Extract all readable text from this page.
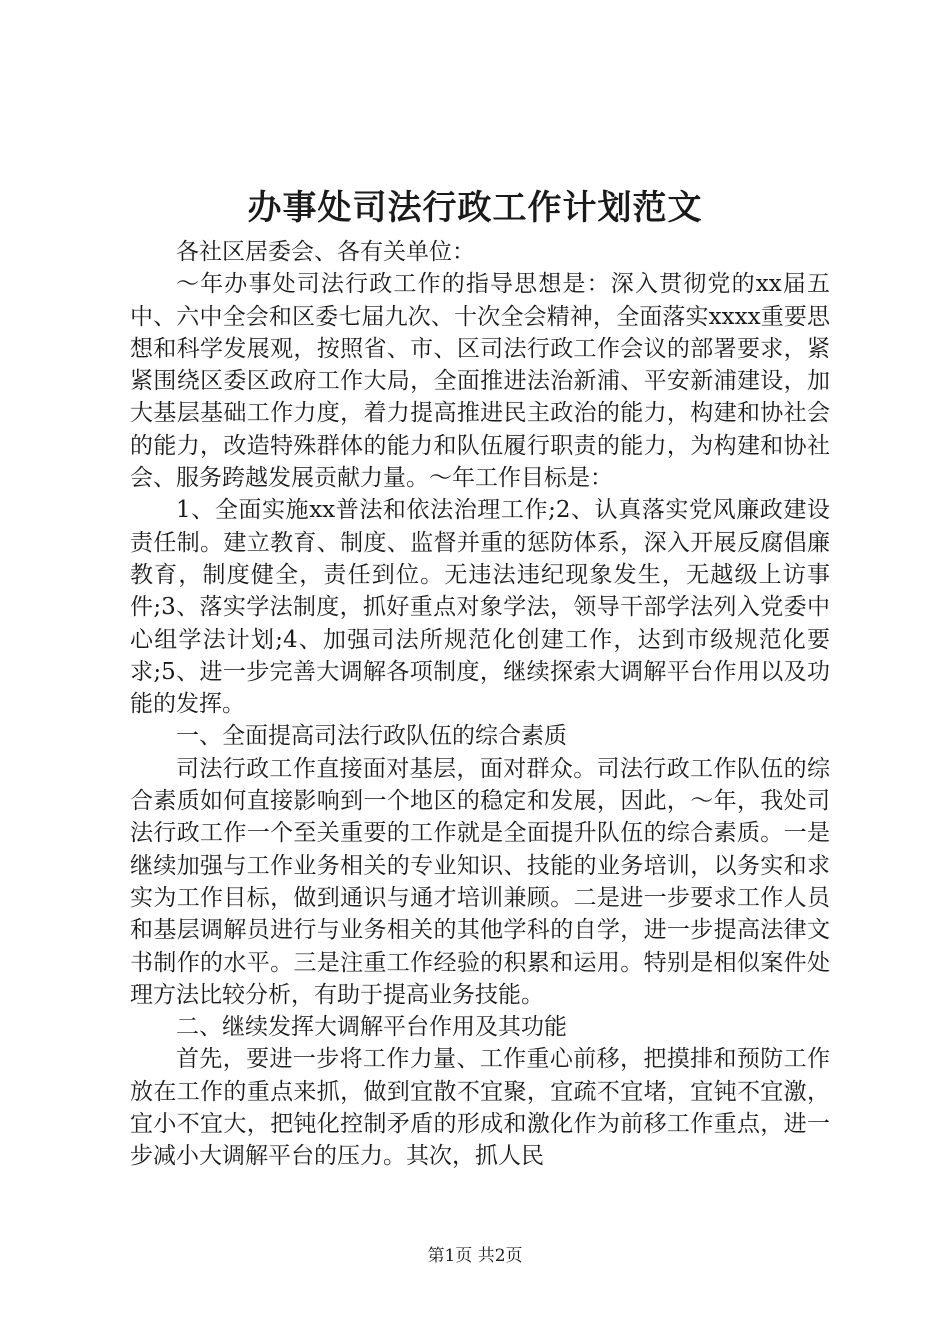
办事处司法行政工作计划范文

各社区居委会、各有关单位：

～年办事处司法行政工作的指导思想是：深入贯彻党的xx届五中、六中全会和区委七届九次、十次全会精神，全面落实xxxx重要思想和科学发展观，按照省、市、区司法行政工作会议的部署要求，紧紧围绕区委区政府工作大局，全面推进法治新浦、平安新浦建设，加大基层基础工作力度，着力提高推进民主政治的能力，构建和协社会的能力，改造特殊群体的能力和队伍履行职责的能力，为构建和协社会、服务跨越发展贡献力量。～年工作目标是：

1、全面实施xx普法和依法治理工作;2、认真落实党风廉政建设责任制。建立教育、制度、监督并重的惩防体系，深入开展反腐倡廉教育，制度健全，责任到位。无违法违纪现象发生，无越级上访事件;3、落实学法制度，抓好重点对象学法，领导干部学法列入党委中心组学法计划;4、加强司法所规范化创建工作，达到市级规范化要求;5、进一步完善大调解各项制度，继续探索大调解平台作用以及功能的发挥。

一、全面提高司法行政队伍的综合素质

司法行政工作直接面对基层，面对群众。司法行政工作队伍的综合素质如何直接影响到一个地区的稳定和发展，因此，～年，我处司法行政工作一个至关重要的工作就是全面提升队伍的综合素质。一是继续加强与工作业务相关的专业知识、技能的业务培训，以务实和求实为工作目标，做到通识与通才培训兼顾。二是进一步要求工作人员和基层调解员进行与业务相关的其他学科的自学，进一步提高法律文书制作的水平。三是注重工作经验的积累和运用。特别是相似案件处理方法比较分析，有助于提高业务技能。

二、继续发挥大调解平台作用及其功能

首先，要进一步将工作力量、工作重心前移，把摸排和预防工作放在工作的重点来抓，做到宜散不宜聚，宜疏不宜堵，宜钝不宜激，宜小不宜大，把钝化控制矛盾的形成和激化作为前移工作重点，进一步减小大调解平台的压力。其次，抓人民

第1页 共2页
